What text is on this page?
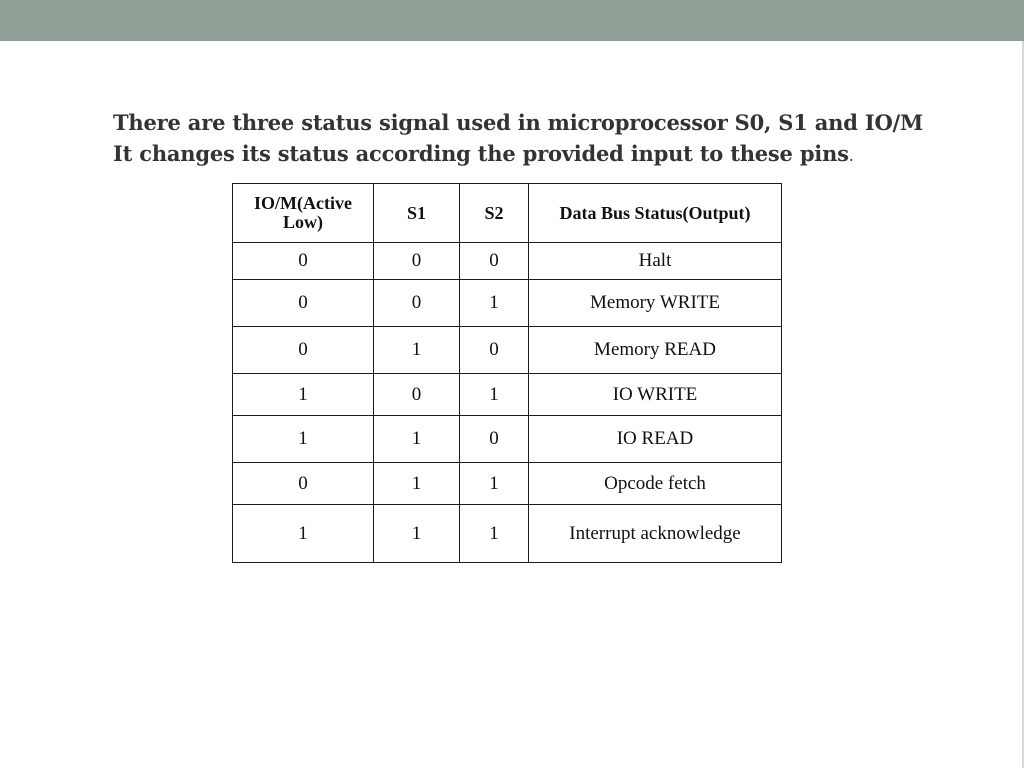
There are three status signal used in microprocessor S0, S1 and IO/M
It changes its status according the provided input to these pins.
IO/M(Active Low)	S1	S2	Data Bus Status(Output)
0	0	0	Halt
0	0	1	Memory WRITE
0	1	0	Memory READ
1	0	1	IO WRITE
1	1	0	IO READ
0	1	1	Opcode fetch
1	1	1	Interrupt acknowledge
